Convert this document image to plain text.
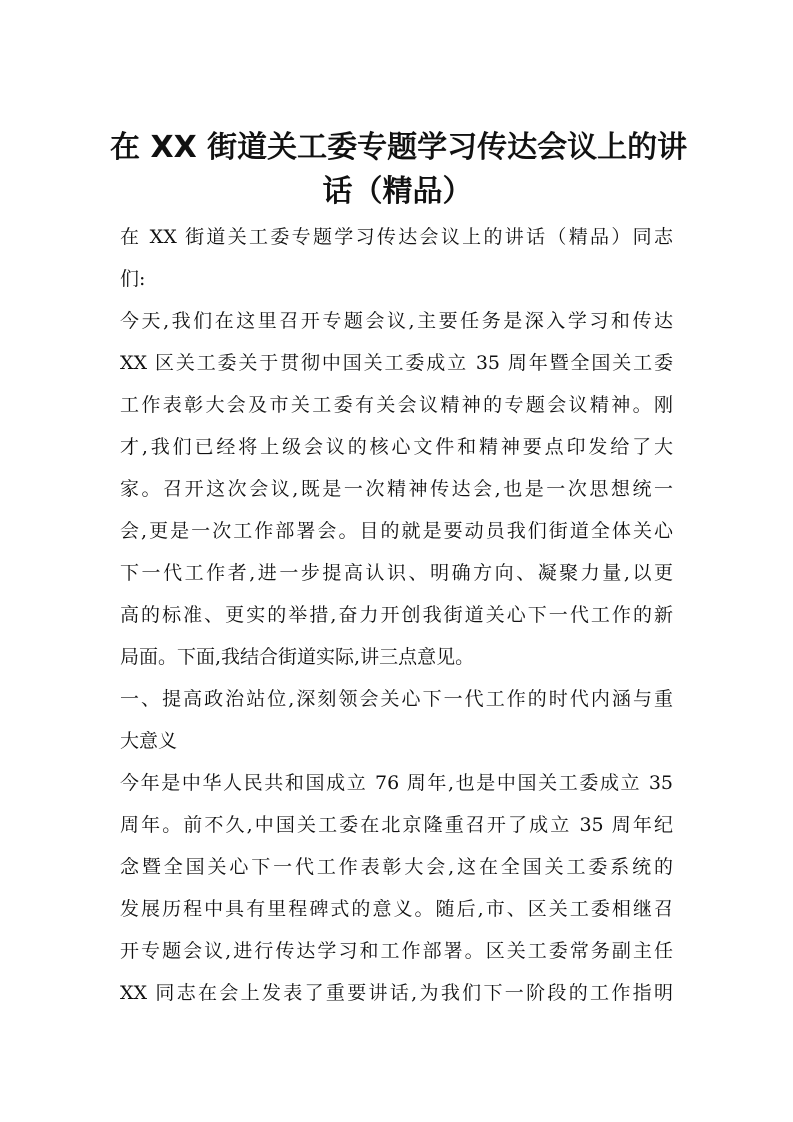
在 XX 街道关工委专题学习传达会议上的讲
话（精品）
在 XX 街道关工委专题学习传达会议上的讲话（精品）同志
们:
今天,我们在这里召开专题会议,主要任务是深入学习和传达
XX 区关工委关于贯彻中国关工委成立 35 周年暨全国关工委
工作表彰大会及市关工委有关会议精神的专题会议精神。刚
才,我们已经将上级会议的核心文件和精神要点印发给了大
家。召开这次会议,既是一次精神传达会,也是一次思想统一
会,更是一次工作部署会。目的就是要动员我们街道全体关心
下一代工作者,进一步提高认识、明确方向、凝聚力量,以更
高的标准、更实的举措,奋力开创我街道关心下一代工作的新
局面。下面,我结合街道实际,讲三点意见。
一、提高政治站位,深刻领会关心下一代工作的时代内涵与重
大意义
今年是中华人民共和国成立 76 周年,也是中国关工委成立 35
周年。前不久,中国关工委在北京隆重召开了成立 35 周年纪
念暨全国关心下一代工作表彰大会,这在全国关工委系统的
发展历程中具有里程碑式的意义。随后,市、区关工委相继召
开专题会议,进行传达学习和工作部署。区关工委常务副主任
XX 同志在会上发表了重要讲话,为我们下一阶段的工作指明
